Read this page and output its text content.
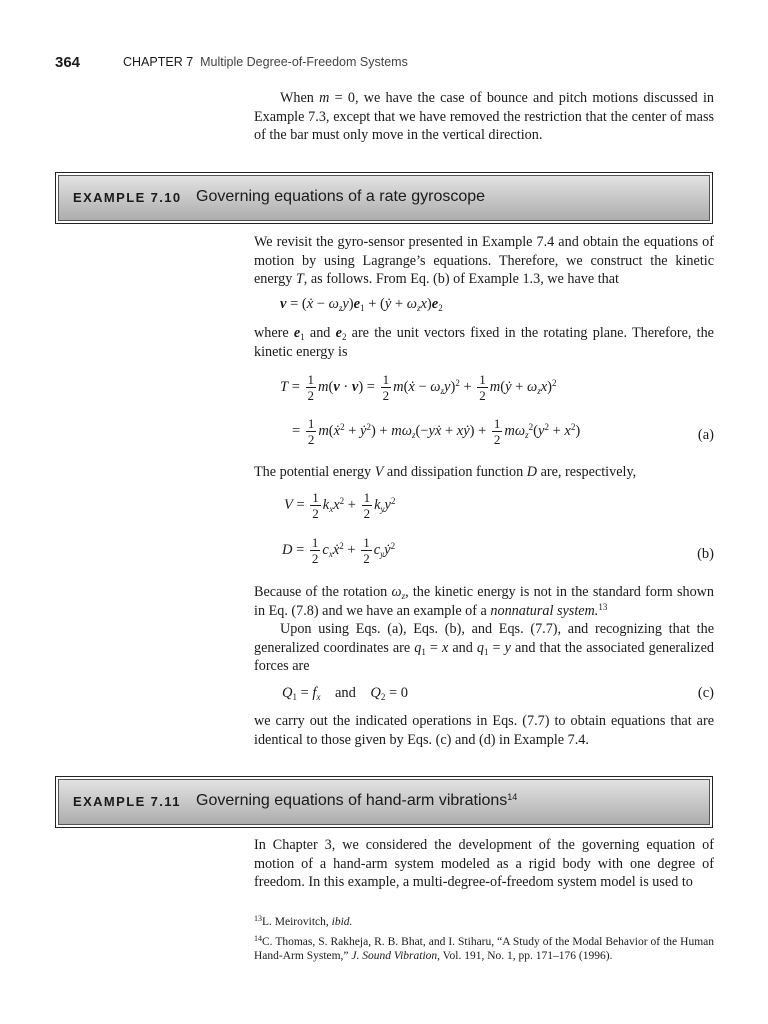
364	CHAPTER 7 Multiple Degree-of-Freedom Systems

When m = 0, we have the case of bounce and pitch motions discussed in Example 7.3, except that we have removed the restriction that the center of mass of the bar must only move in the vertical direction.

EXAMPLE 7.10 Governing equations of a rate gyroscope

We revisit the gyro-sensor presented in Example 7.4 and obtain the equations of motion by using Lagrange’s equations. Therefore, we construct the kinetic energy T, as follows. From Eq. (b) of Example 1.3, we have that

v = (ẋ − $\omega_zy)e_1$ + (ẏ + $\omega_zx)e_2$

where $e_1$ and $e_2$ are the unit vectors fixed in the rotating plane. Therefore, the kinetic energy is

$T = \frac{1}{2} m(v \cdot v) = \frac{1}{2}$ m(ẋ − $\omega_zy)^2 + \frac{1}{2}$ m(ẏ + $\omega_zx)^2$
= $\frac{1}{2}$ m(ẋ$^2$ + ẏ$^2$) + $m\omega_z(-yẋ$ + xẏ) + $\frac{1}{2} m\omega_z^2(y^2 + x^2)$	(a)

The potential energy V and dissipation function D are, respectively,

$V = \frac{1}{2} k_xx^2 + \frac{1}{2} k_yy^2$
$D = \frac{1}{2}$ $c_xẋ^2 + \frac{1}{2}$ $c_yẏ^2$
(b)

Because of the rotation $\omega_z$, the kinetic energy is not in the standard form shown in Eq. (7.8) and we have an example of a nonnatural system.$^{13}$

Upon using Eqs. (a), Eqs. (b), and Eqs. (7.7), and recognizing that the generalized coordinates are $q_1 = x$ and $q_1 = y$ and that the associated generalized forces are

$Q_1 = f_x$ and $Q_2 = 0$	(c)

we carry out the indicated operations in Eqs. (7.7) to obtain equations that are identical to those given by Eqs. (c) and (d) in Example 7.4.

EXAMPLE 7.11 Governing equations of hand-arm vibrations$^{14}$

In Chapter 3, we considered the development of the governing equation of motion of a hand-arm system modeled as a rigid body with one degree of freedom. In this example, a multi-degree-of-freedom system model is used to

$^{13}$L. Meirovitch, ibid.
$^{14}$C. Thomas, S. Rakheja, R. B. Bhat, and I. Stiharu, “A Study of the Modal Behavior of the Human Hand-Arm System,” J. Sound Vibration, Vol. 191, No. 1, pp. 171–176 (1996).
